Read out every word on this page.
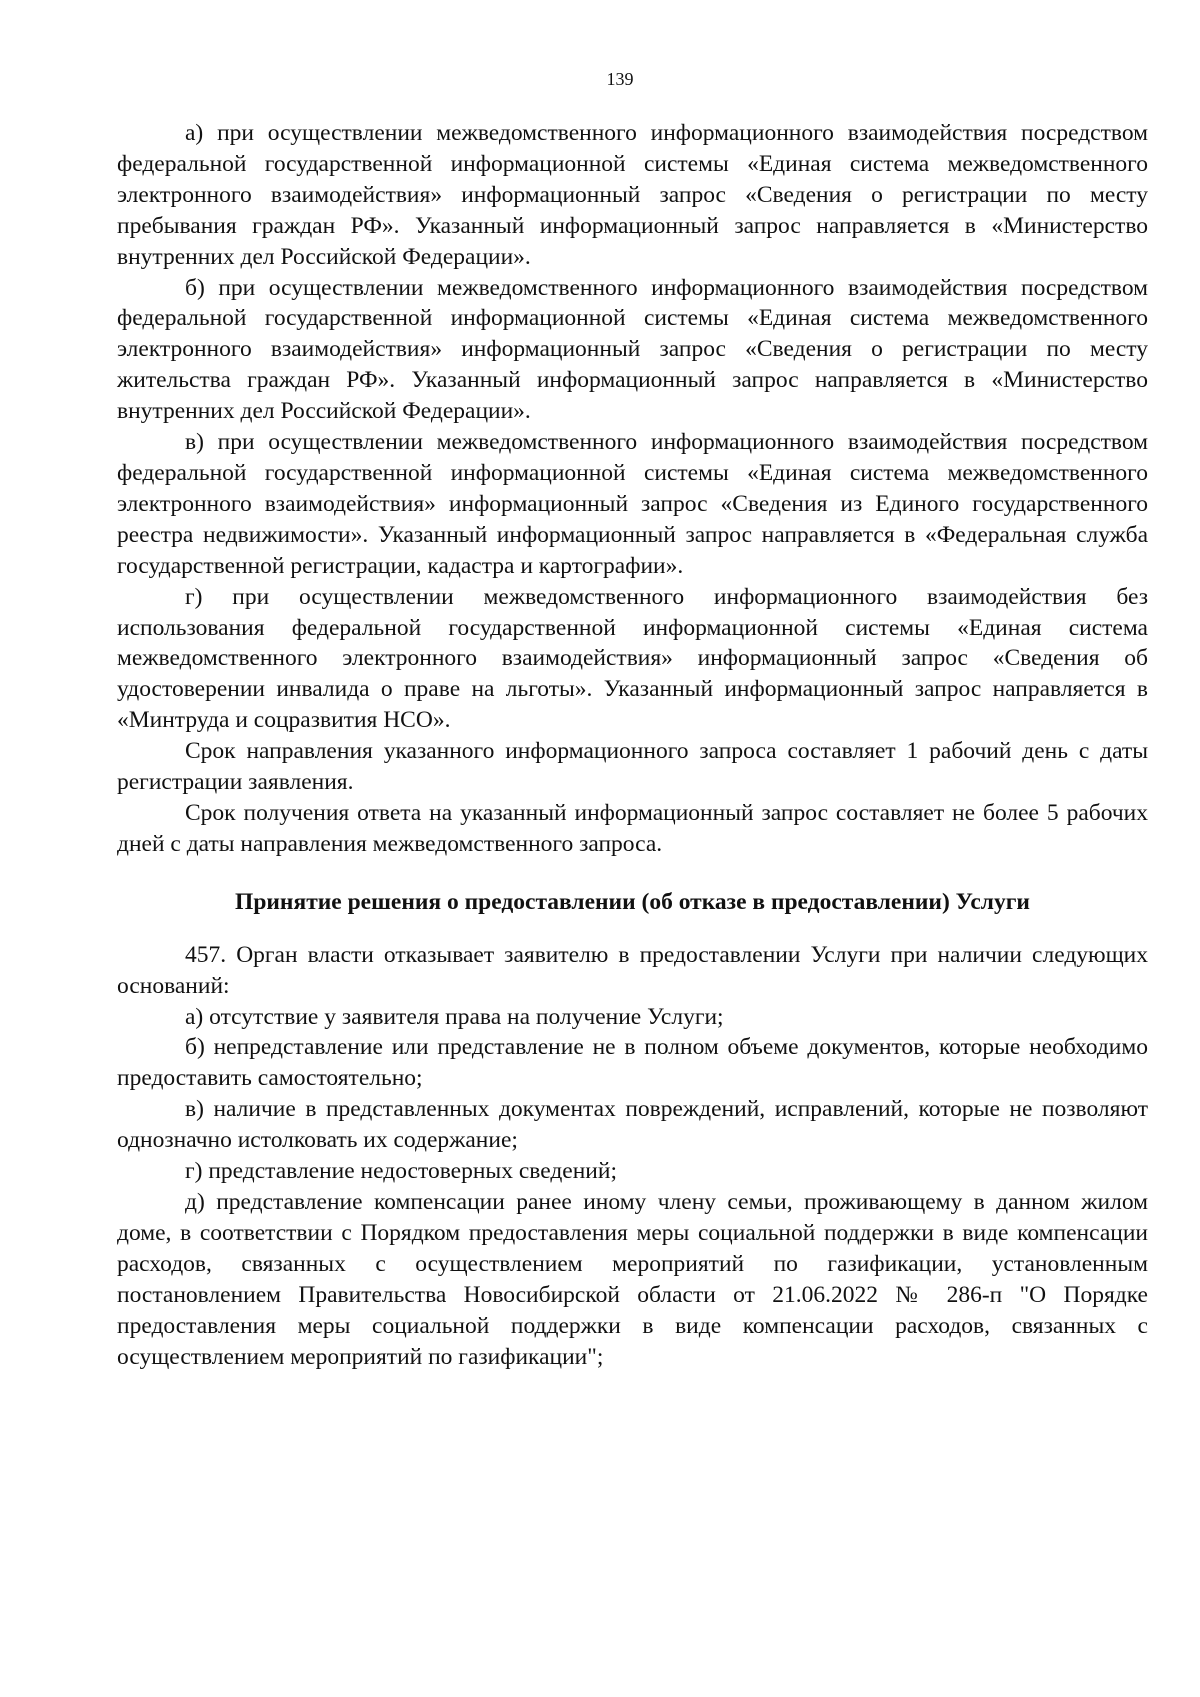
139

а) при осуществлении межведомственного информационного взаимодействия посредством федеральной государственной информационной системы «Единая система межведомственного электронного взаимодействия» информационный запрос «Сведения о регистрации по месту пребывания граждан РФ». Указанный информационный запрос направляется в «Министерство внутренних дел Российской Федерации».

б) при осуществлении межведомственного информационного взаимодействия посредством федеральной государственной информационной системы «Единая система межведомственного электронного взаимодействия» информационный запрос «Сведения о регистрации по месту жительства граждан РФ». Указанный информационный запрос направляется в «Министерство внутренних дел Российской Федерации».

в) при осуществлении межведомственного информационного взаимодействия посредством федеральной государственной информационной системы «Единая система межведомственного электронного взаимодействия» информационный запрос «Сведения из Единого государственного реестра недвижимости». Указанный информационный запрос направляется в «Федеральная служба государственной регистрации, кадастра и картографии».

г) при осуществлении межведомственного информационного взаимодействия без использования федеральной государственной информационной системы «Единая система межведомственного электронного взаимодействия» информационный запрос «Сведения об удостоверении инвалида о праве на льготы». Указанный информационный запрос направляется в «Минтруда и соцразвития НСО».

Срок направления указанного информационного запроса составляет 1 рабочий день с даты регистрации заявления.

Срок получения ответа на указанный информационный запрос составляет не более 5 рабочих дней с даты направления межведомственного запроса.

Принятие решения о предоставлении (об отказе в предоставлении) Услуги

457. Орган власти отказывает заявителю в предоставлении Услуги при наличии следующих оснований:

а) отсутствие у заявителя права на получение Услуги;

б) непредставление или представление не в полном объеме документов, которые необходимо предоставить самостоятельно;

в) наличие в представленных документах повреждений, исправлений, которые не позволяют однозначно истолковать их содержание;

г) представление недостоверных сведений;

д) представление компенсации ранее иному члену семьи, проживающему в данном жилом доме, в соответствии с Порядком предоставления меры социальной поддержки в виде компенсации расходов, связанных с осуществлением мероприятий по газификации, установленным постановлением Правительства Новосибирской области от 21.06.2022 № 286-п "О Порядке предоставления меры социальной поддержки в виде компенсации расходов, связанных с осуществлением мероприятий по газификации";
